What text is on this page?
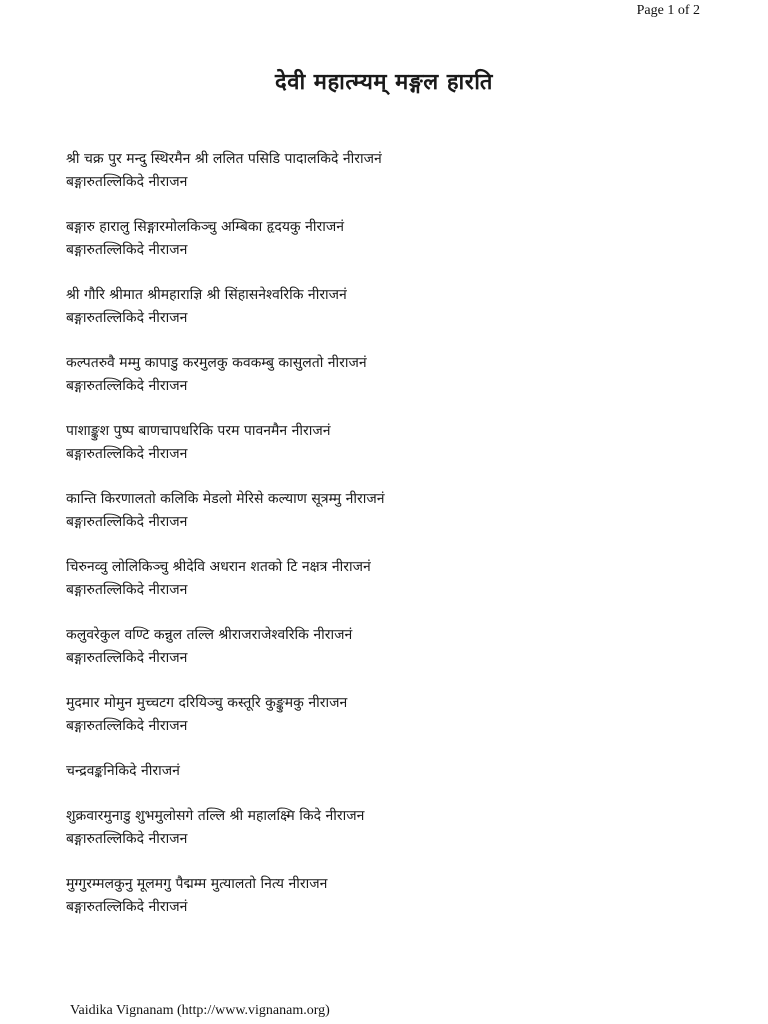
Page 1 of 2
देवी महात्म्यम् मङ्गल हारति
श्री चक्र पुर मन्दु स्थिरमैन श्री ललित पसिडि पादालकिदे नीराजनं
बङ्गारुतल्लिकिदे नीराजन
बङ्गारु हारालु सिङ्गारमोलकिञ्चु अम्बिका हृदयकु नीराजनं
बङ्गारुतल्लिकिदे नीराजन
श्री गौरि श्रीमात श्रीमहाराज्ञि श्री सिंहासनेश्वरिकि नीराजनं
बङ्गारुतल्लिकिदे नीराजन
कल्पतरुवै मम्मु कापाडु करमुलकु कवकम्बु कासुलतो नीराजनं
बङ्गारुतल्लिकिदे नीराजन
पाशाङ्कुश पुष्प बाणचापधरिकि परम पावनमैन नीराजनं
बङ्गारुतल्लिकिदे नीराजन
कान्ति किरणालतो कलिकि मेडलो मेरिसे कल्याण सूत्रम्मु नीराजनं
बङ्गारुतल्लिकिदे नीराजन
चिरुनव्वु लोलिकिञ्चु श्रीदेवि अधरान शतको टि नक्षत्र नीराजनं
बङ्गारुतल्लिकिदे नीराजन
कलुवरेकुल वण्टि कन्नुल तल्लि श्रीराजराजेश्वरिकि नीराजनं
बङ्गारुतल्लिकिदे नीराजन
मुदमार मोमुन मुच्चटग दरियिञ्चु कस्तूरि कुङ्कुमकु नीराजन
बङ्गारुतल्लिकिदे नीराजन
चन्द्रवङ्कनिकिदे नीराजनं
शुक्रवारमुनाडु शुभमुलोसगे तल्लि श्री महालक्ष्मि किदे नीराजन
बङ्गारुतल्लिकिदे नीराजन
मुग्गुरम्मलकुनु मूलमगु पैद्मम्म मुत्यालतो नित्य नीराजन
बङ्गारुतल्लिकिदे नीराजनं
Vaidika Vignanam (http://www.vignanam.org)
